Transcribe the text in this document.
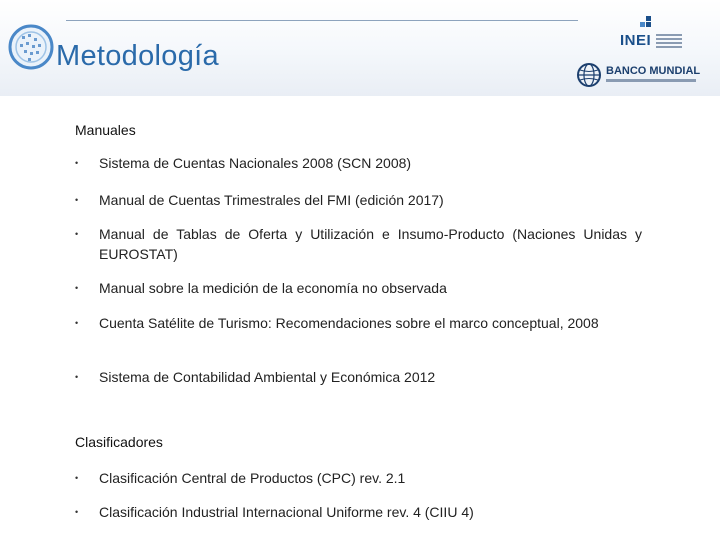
Metodología	INEI
BANCO MUNDIAL
Manuales
• Sistema de Cuentas Nacionales 2008 (SCN 2008)
• Manual de Cuentas Trimestrales del FMI (edición 2017)
• Manual de Tablas de Oferta y Utilización e Insumo-Producto (Naciones Unidas y EUROSTAT)
• Manual sobre la medición de la economía no observada
• Cuenta Satélite de Turismo: Recomendaciones sobre el marco conceptual, 2008
• Sistema de Contabilidad Ambiental y Económica 2012
Clasificadores
• Clasificación Central de Productos (CPC) rev. 2.1
• Clasificación Industrial Internacional Uniforme rev. 4 (CIIU 4)
